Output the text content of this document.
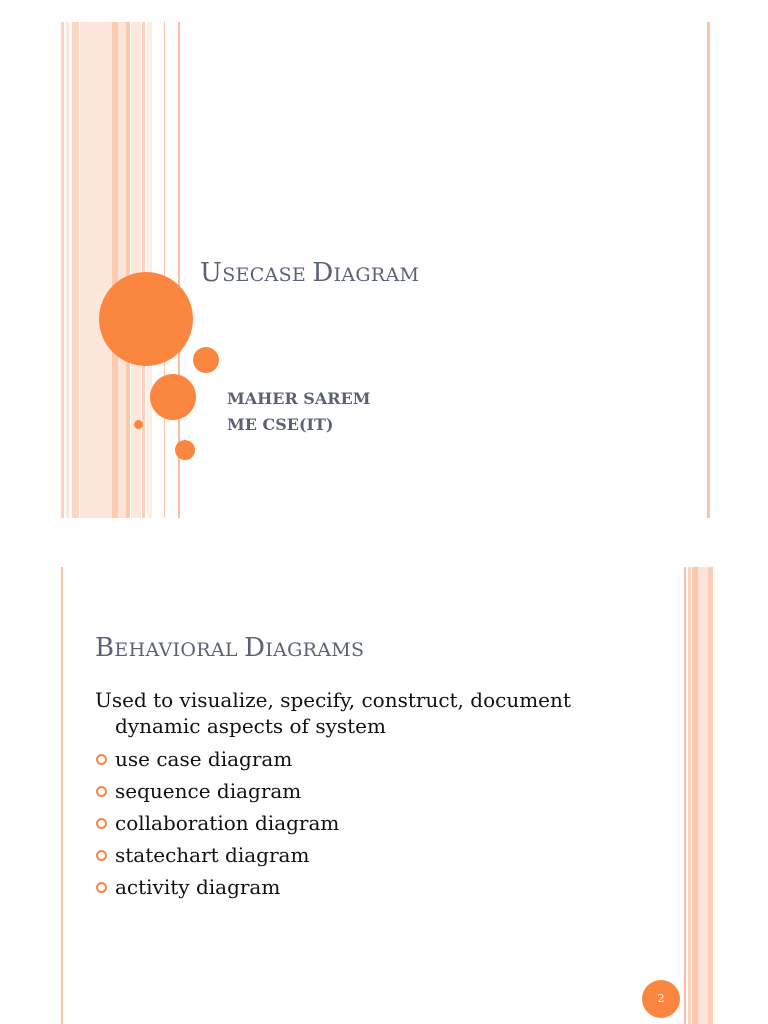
USECASE DIAGRAM
MAHER SAREM
ME CSE(IT)
BEHAVIORAL DIAGRAMS
Used to visualize, specify, construct, document
dynamic aspects of system
use case diagram
sequence diagram
collaboration diagram
statechart diagram
activity diagram
2
